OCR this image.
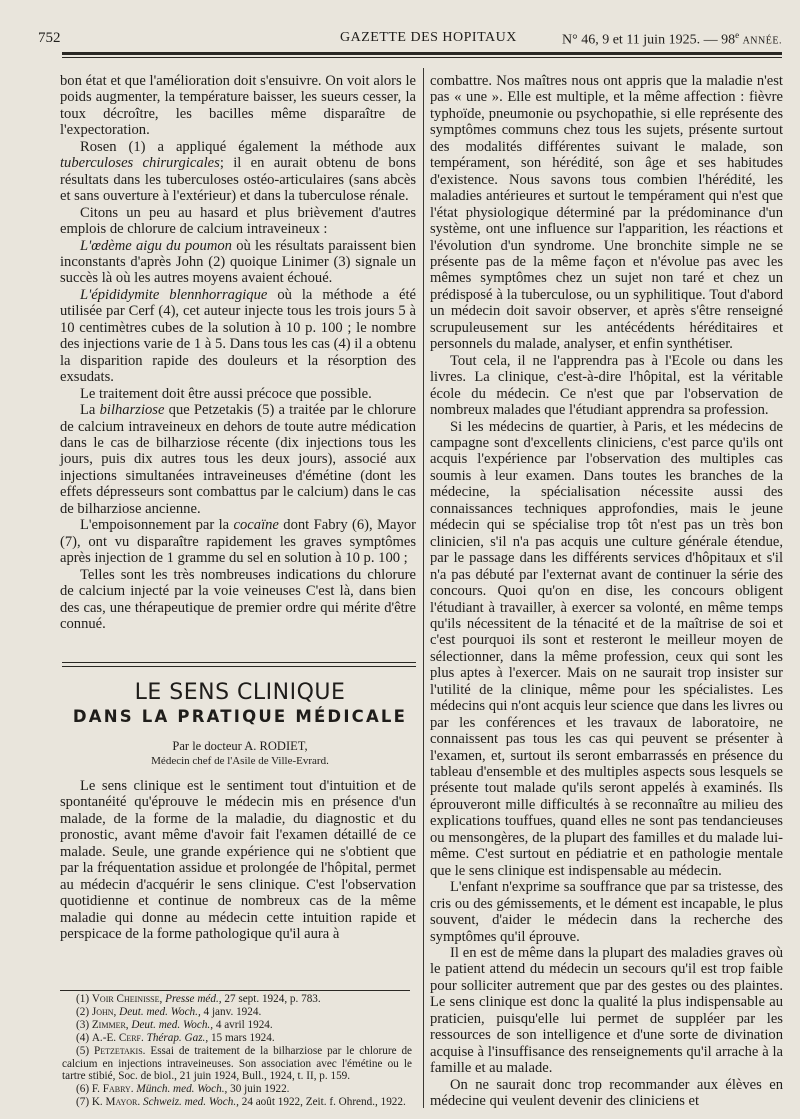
752	GAZETTE DES HOPITAUX	N° 46, 9 et 11 juin 1925. — 98e ANNÉE.

bon état et que l'amélioration doit s'ensuivre. On voit alors le poids augmenter, la température baisser, les sueurs cesser, la toux décroître, les bacilles même disparaître de l'expectoration.

Rosen (1) a appliqué également la méthode aux tuberculoses chirurgicales; il en aurait obtenu de bons résultats dans les tuberculoses ostéo-articulaires (sans abcès et sans ouverture à l'extérieur) et dans la tuberculose rénale.

Citons un peu au hasard et plus brièvement d'autres emplois de chlorure de calcium intraveineux :

L'œdème aigu du poumon où les résultats paraissent bien inconstants d'après John (2) quoique Linimer (3) signale un succès là où les autres moyens avaient échoué.

L'épididymite blennhorragique où la méthode a été utilisée par Cerf (4), cet auteur injecte tous les trois jours 5 à 10 centimètres cubes de la solution à 10 p. 100 ; le nombre des injections varie de 1 à 5. Dans tous les cas (4) il a obtenu la disparition rapide des douleurs et la résorption des exsudats.

Le traitement doit être aussi précoce que possible.

La bilharziose que Petzetakis (5) a traitée par le chlorure de calcium intraveineux en dehors de toute autre médication dans le cas de bilharziose récente (dix injections tous les jours, puis dix autres tous les deux jours), associé aux injections simultanées intraveineuses d'émétine (dont les effets dépresseurs sont combattus par le calcium) dans le cas de bilharziose ancienne.

L'empoisonnement par la cocaïne dont Fabry (6), Mayor (7), ont vu disparaître rapidement les graves symptômes après injection de 1 gramme du sel en solution à 10 p. 100 ;

Telles sont les très nombreuses indications du chlorure de calcium injecté par la voie veineuses C'est là, dans bien des cas, une thérapeutique de premier ordre qui mérite d'être connué.

LE SENS CLINIQUE
DANS LA PRATIQUE MÉDICALE
Par le docteur A. RODIET,
Médecin chef de l'Asile de Ville-Evrard.

Le sens clinique est le sentiment tout d'intuition et de spontanéité qu'éprouve le médecin mis en présence d'un malade, de la forme de la maladie, du diagnostic et du pronostic, avant même d'avoir fait l'examen détaillé de ce malade. Seule, une grande expérience qui ne s'obtient que par la fréquentation assidue et prolongée de l'hôpital, permet au médecin d'acquérir le sens clinique. C'est l'observation quotidienne et continue de nombreux cas de la même maladie qui donne au médecin cette intuition rapide et perspicace de la forme pathologique qu'il aura à

(1) Voir Cheinisse, Presse méd., 27 sept. 1924, p. 783.

(2) John, Deut. med. Woch., 4 janv. 1924.

(3) Zimmer, Deut. med. Woch., 4 avril 1924.

(4) A.-E. Cerf. Thérap. Gaz., 15 mars 1924.

(5) Petzetakis. Essai de traitement de la bilharziose par le chlorure de calcium en injections intraveineuses. Son association avec l'émétine ou le tartre stibié, Soc. de biol., 21 juin 1924, Bull., 1924, t. II, p. 159.

(6) F. Fabry. Münch. med. Woch., 30 juin 1922.

(7) K. Mayor. Schweiz. med. Woch., 24 août 1922, Zeit. f. Ohrend., 1922.

combattre. Nos maîtres nous ont appris que la maladie n'est pas « une ». Elle est multiple, et la même affection : fièvre typhoïde, pneumonie ou psychopathie, si elle représente des symptômes communs chez tous les sujets, présente surtout des modalités différentes suivant le malade, son tempérament, son hérédité, son âge et ses habitudes d'existence. Nous savons tous combien l'hérédité, les maladies antérieures et surtout le tempérament qui n'est que l'état physiologique déterminé par la prédominance d'un système, ont une influence sur l'apparition, les réactions et l'évolution d'un syndrome. Une bronchite simple ne se présente pas de la même façon et n'évolue pas avec les mêmes symptômes chez un sujet non taré et chez un prédisposé à la tuberculose, ou un syphilitique. Tout d'abord un médecin doit savoir observer, et après s'être renseigné scrupuleusement sur les antécédents héréditaires et personnels du malade, analyser, et enfin synthétiser.

Tout cela, il ne l'apprendra pas à l'Ecole ou dans les livres. La clinique, c'est-à-dire l'hôpital, est la véritable école du médecin. Ce n'est que par l'observation de nombreux malades que l'étudiant apprendra sa profession.

Si les médecins de quartier, à Paris, et les médecins de campagne sont d'excellents cliniciens, c'est parce qu'ils ont acquis l'expérience par l'observation des multiples cas soumis à leur examen. Dans toutes les branches de la médecine, la spécialisation nécessite aussi des connaissances techniques approfondies, mais le jeune médecin qui se spécialise trop tôt n'est pas un très bon clinicien, s'il n'a pas acquis une culture générale étendue, par le passage dans les différents services d'hôpitaux et s'il n'a pas débuté par l'externat avant de continuer la série des concours. Quoi qu'on en dise, les concours obligent l'étudiant à travailler, à exercer sa volonté, en même temps qu'ils nécessitent de la ténacité et de la maîtrise de soi et c'est pourquoi ils sont et resteront le meilleur moyen de sélectionner, dans la même profession, ceux qui sont les plus aptes à l'exercer. Mais on ne saurait trop insister sur l'utilité de la clinique, même pour les spécialistes. Les médecins qui n'ont acquis leur science que dans les livres ou par les conférences et les travaux de laboratoire, ne connaissent pas tous les cas qui peuvent se présenter à l'examen, et, surtout ils seront embarrassés en présence du tableau d'ensemble et des multiples aspects sous lesquels se présente tout malade qu'ils seront appelés à examinés. Ils éprouveront mille difficultés à se reconnaître au milieu des explications touffues, quand elles ne sont pas tendancieuses ou mensongères, de la plupart des familles et du malade lui-même. C'est surtout en pédiatrie et en pathologie mentale que le sens clinique est indispensable au médecin.

L'enfant n'exprime sa souffrance que par sa tristesse, des cris ou des gémissements, et le dément est incapable, le plus souvent, d'aider le médecin dans la recherche des symptômes qu'il éprouve.

Il en est de même dans la plupart des maladies graves où le patient attend du médecin un secours qu'il est trop faible pour solliciter autrement que par des gestes ou des plaintes. Le sens clinique est donc la qualité la plus indispensable au praticien, puisqu'elle lui permet de suppléer par les ressources de son intelligence et d'une sorte de divination acquise à l'insuffisance des renseignements qu'il arrache à la famille et au malade.

On ne saurait donc trop recommander aux élèves en médecine qui veulent devenir des cliniciens et
